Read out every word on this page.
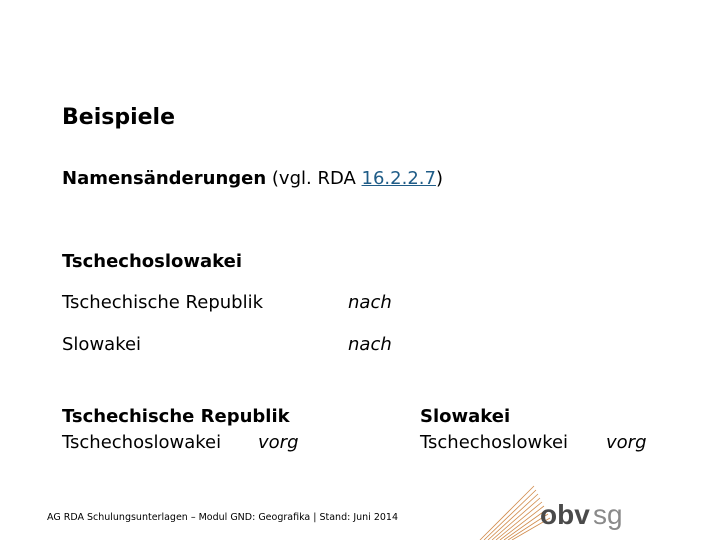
Beispiele
Namensänderungen (vgl. RDA 16.2.2.7)
Tschechoslowakei
Tschechische Republik	nach
Slowakei	nach
Tschechische Republik
Tschechoslowakei vorg
Slowakei
Tschechoslowkei vorg
AG RDA Schulungsunterlagen – Modul GND: Geografika | Stand: Juni 2014	obv sg
